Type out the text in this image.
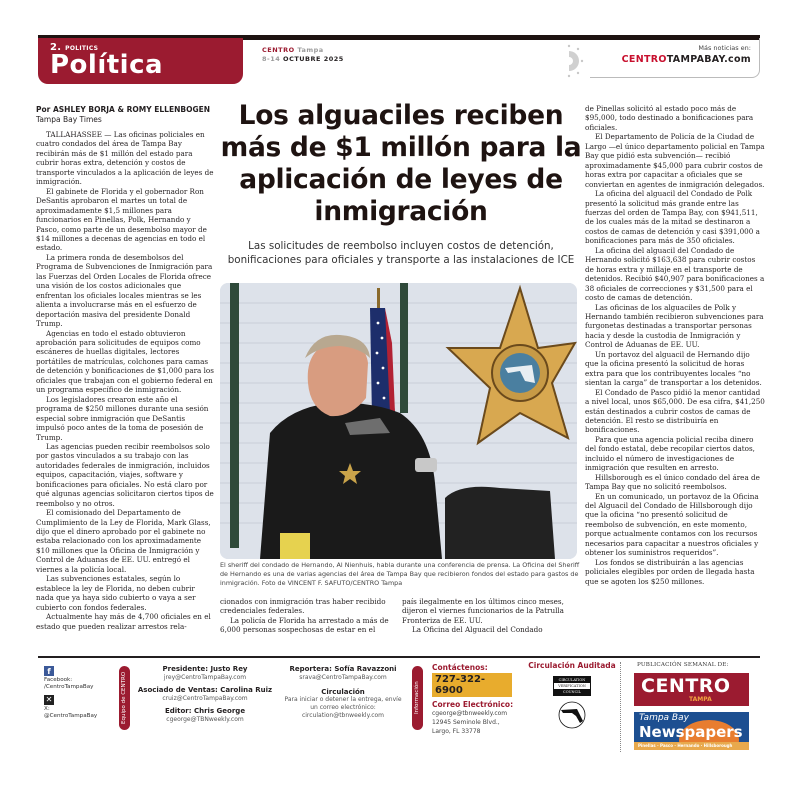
2. POLITICS
Política	CENTRO Tampa
8-14 OCTUBRE 2025
Más noticias en:
CENTROTAMPABAY.com
Por ASHLEY BORJA & ROMY ELLENBOGEN
Tampa Bay Times

TALLAHASSEE — Las oficinas policiales en cuatro condados del área de Tampa Bay recibirán más de $1 millón del estado para cubrir horas extra, detención y costos de transporte vinculados a la aplicación de leyes de inmigración.

El gabinete de Florida y el gobernador Ron DeSantis aprobaron el martes un total de aproximadamente $1,5 millones para funcionarios en Pinellas, Polk, Hernando y Pasco, como parte de un desembolso mayor de $14 millones a decenas de agencias en todo el estado.

La primera ronda de desembolsos del Programa de Subvenciones de Inmigración para las Fuerzas del Orden Locales de Florida ofrece una visión de los costos adicionales que enfrentan los oficiales locales mientras se les alienta a involucrarse más en el esfuerzo de deportación masiva del presidente Donald Trump.

Agencias en todo el estado obtuvieron aprobación para solicitudes de equipos como escáneres de huellas digitales, lectores portátiles de matrículas, colchones para camas de detención y bonificaciones de $1,000 para los oficiales que trabajan con el gobierno federal en un programa específico de inmigración.

Los legisladores crearon este año el programa de $250 millones durante una sesión especial sobre inmigración que DeSantis impulsó poco antes de la toma de posesión de Trump.

Las agencias pueden recibir reembolsos solo por gastos vinculados a su trabajo con las autoridades federales de inmigración, incluidos equipos, capacitación, viajes, software y bonificaciones para oficiales. No está claro por qué algunas agencias solicitaron ciertos tipos de reembolso y no otros.

El comisionado del Departamento de Cumplimiento de la Ley de Florida, Mark Glass, dijo que el dinero aprobado por el gabinete no estaba relacionado con los aproximadamente $10 millones que la Oficina de Inmigración y Control de Aduanas de EE. UU. entregó el viernes a la policía local.

Las subvenciones estatales, según lo establece la ley de Florida, no deben cubrir nada que ya haya sido cubierto o vaya a ser cubierto con fondos federales.

Actualmente hay más de 4,700 oficiales en el estado que pueden realizar arrestos rela-

Los alguaciles reciben más de $1 millón para la aplicación de leyes de inmigración
Las solicitudes de reembolso incluyen costos de detención, bonificaciones para oficiales y transporte a las instalaciones de ICE
El sheriff del condado de Hernando, Al Nienhuis, habla durante una conferencia de prensa. La Oficina del Sheriff de Hernando es una de varias agencias del área de Tampa Bay que recibieron fondos del estado para gastos de inmigración. Foto de VINCENT F. SAFUTO/CENTRO Tampa

cionados con inmigración tras haber recibido credenciales federales.

La policía de Florida ha arrestado a más de 6,000 personas sospechosas de estar en el

país ilegalmente en los últimos cinco meses, dijeron el viernes funcionarios de la Patrulla Fronteriza de EE. UU.

La Oficina del Alguacil del Condado

de Pinellas solicitó al estado poco más de $95,000, todo destinado a bonificaciones para oficiales.

El Departamento de Policía de la Ciudad de Largo —el único departamento policial en Tampa Bay que pidió esta subvención— recibió aproximadamente $45,000 para cubrir costos de horas extra por capacitar a oficiales que se conviertan en agentes de inmigración delegados.

La oficina del alguacil del Condado de Polk presentó la solicitud más grande entre las fuerzas del orden de Tampa Bay, con $941,511, de los cuales más de la mitad se destinaron a costos de camas de detención y casi $391,000 a bonificaciones para más de 350 oficiales.

La oficina del alguacil del Condado de Hernando solicitó $163,638 para cubrir costos de horas extra y millaje en el transporte de detenidos. Recibió $40,907 para bonificaciones a 38 oficiales de correcciones y $31,500 para el costo de camas de detención.

Las oficinas de los alguaciles de Polk y Hernando también recibieron subvenciones para furgonetas destinadas a transportar personas hacia y desde la custodia de Inmigración y Control de Aduanas de EE. UU.

Un portavoz del alguacil de Hernando dijo que la oficina presentó la solicitud de horas extra para que los contribuyentes locales “no sientan la carga” de transportar a los detenidos.

El Condado de Pasco pidió la menor cantidad a nivel local, unos $65,000. De esa cifra, $41,250 están destinados a cubrir costos de camas de detención. El resto se distribuiría en bonificaciones.

Para que una agencia policial reciba dinero del fondo estatal, debe recopilar ciertos datos, incluido el número de investigaciones de inmigración que resulten en arresto.

Hillsborough es el único condado del área de Tampa Bay que no solicitó reembolsos.

En un comunicado, un portavoz de la Oficina del Alguacil del Condado de Hillsborough dijo que la oficina “no presentó solicitud de reembolso de subvención, en este momento, porque actualmente contamos con los recursos necesarios para capacitar a nuestros oficiales y obtener los suministros requeridos”.

Los fondos se distribuirán a las agencias policiales elegibles por orden de llegada hasta que se agoten los $250 millones.

f
Facebook:
/CentroTampaBay
✕
X:
@CentroTampaBay	Equipo de CENTRO
Presidente: Justo Rey
jrey@CentroTampaBay.com
Asociado de Ventas: Carolina Ruiz
cruiz@CentroTampaBay.com
Editor: Chris George
cgeorge@TBNweekly.com
Reportera: Sofía Ravazzoni
srava@CentroTampaBay.com
Circulación
Para iniciar o detener la entrega, envíe un correo electrónico: circulation@tbnweekly.com
Información
Contáctenos:
727-322-6900
Correo Electrónico:
cgeorge@tbnweekly.com
12945 Seminole Blvd.,
Largo, FL 33778
Circulación Auditada
CIRCULATION
VERIFICATION
COUNCIL
PUBLICACIÓN SEMANAL DE:
CENTRO
TAMPA
Tampa Bay
Newspapers
Pinellas · Pasco · Hernando · Hillsborough
